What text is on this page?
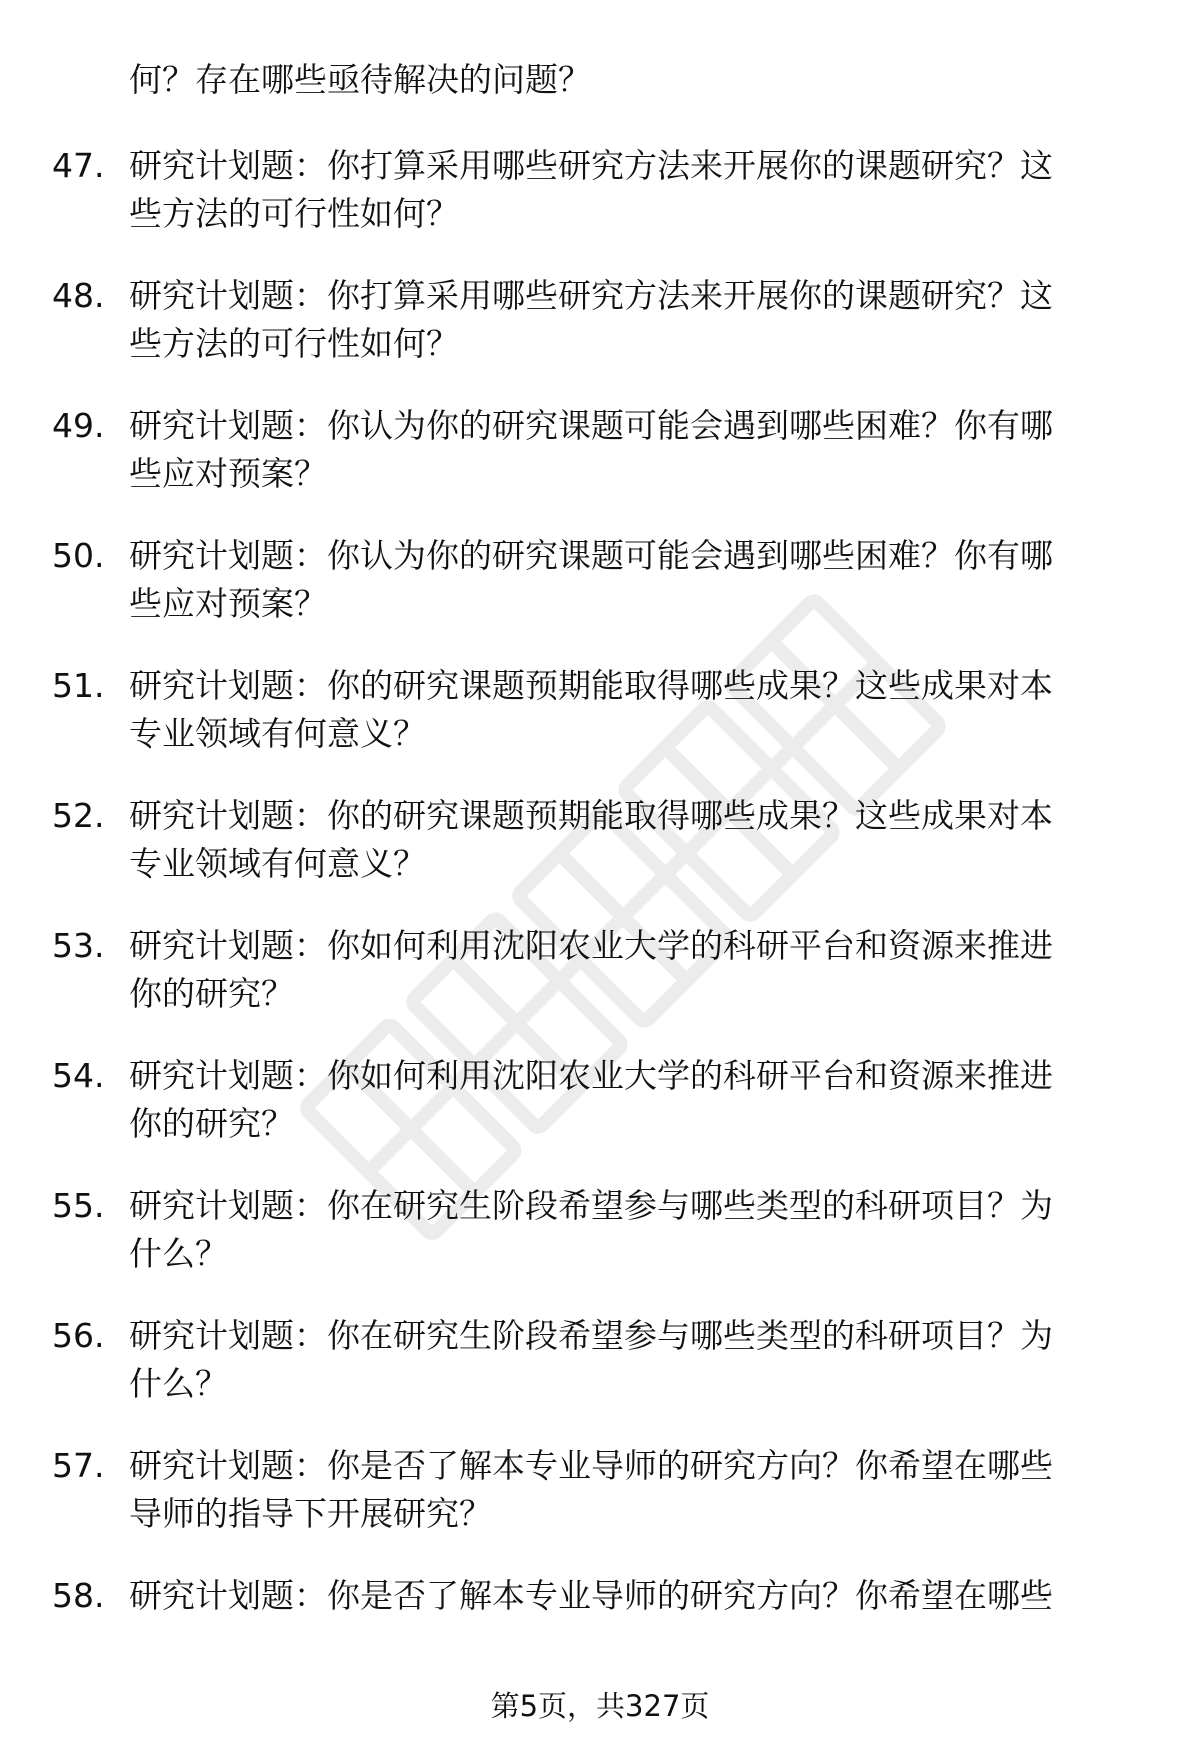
何？存在哪些亟待解决的问题？
47. 研究计划题：你打算采用哪些研究方法来开展你的课题研究？这
些方法的可行性如何？
48. 研究计划题：你打算采用哪些研究方法来开展你的课题研究？这
些方法的可行性如何？
49. 研究计划题：你认为你的研究课题可能会遇到哪些困难？你有哪
些应对预案？
50. 研究计划题：你认为你的研究课题可能会遇到哪些困难？你有哪
些应对预案？
51. 研究计划题：你的研究课题预期能取得哪些成果？这些成果对本
专业领域有何意义？
52. 研究计划题：你的研究课题预期能取得哪些成果？这些成果对本
专业领域有何意义？
53. 研究计划题：你如何利用沈阳农业大学的科研平台和资源来推进
你的研究？
54. 研究计划题：你如何利用沈阳农业大学的科研平台和资源来推进
你的研究？
55. 研究计划题：你在研究生阶段希望参与哪些类型的科研项目？为
什么？
56. 研究计划题：你在研究生阶段希望参与哪些类型的科研项目？为
什么？
57. 研究计划题：你是否了解本专业导师的研究方向？你希望在哪些
导师的指导下开展研究？
58. 研究计划题：你是否了解本专业导师的研究方向？你希望在哪些
第5页，共327页
